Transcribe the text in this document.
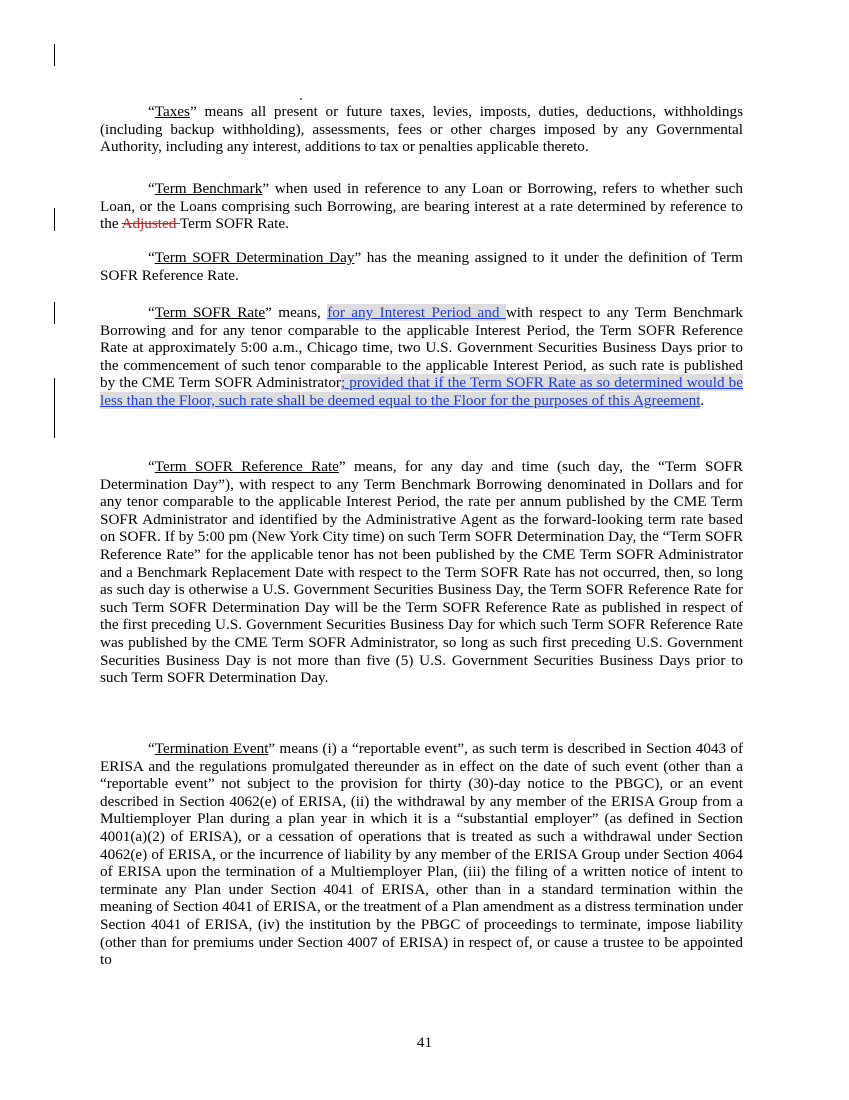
“Taxes” means all present or future taxes, levies, imposts, duties, deductions, withholdings (including backup withholding), assessments, fees or other charges imposed by any Governmental Authority, including any interest, additions to tax or penalties applicable thereto.
“Term Benchmark” when used in reference to any Loan or Borrowing, refers to whether such Loan, or the Loans comprising such Borrowing, are bearing interest at a rate determined by reference to the Adjusted Term SOFR Rate.
“Term SOFR Determination Day” has the meaning assigned to it under the definition of Term SOFR Reference Rate.
“Term SOFR Rate” means, for any Interest Period and with respect to any Term Benchmark Borrowing and for any tenor comparable to the applicable Interest Period, the Term SOFR Reference Rate at approximately 5:00 a.m., Chicago time, two U.S. Government Securities Business Days prior to the commencement of such tenor comparable to the applicable Interest Period, as such rate is published by the CME Term SOFR Administrator; provided that if the Term SOFR Rate as so determined would be less than the Floor, such rate shall be deemed equal to the Floor for the purposes of this Agreement.
“Term SOFR Reference Rate” means, for any day and time (such day, the “Term SOFR Determination Day”), with respect to any Term Benchmark Borrowing denominated in Dollars and for any tenor comparable to the applicable Interest Period, the rate per annum published by the CME Term SOFR Administrator and identified by the Administrative Agent as the forward-looking term rate based on SOFR. If by 5:00 pm (New York City time) on such Term SOFR Determination Day, the “Term SOFR Reference Rate” for the applicable tenor has not been published by the CME Term SOFR Administrator and a Benchmark Replacement Date with respect to the Term SOFR Rate has not occurred, then, so long as such day is otherwise a U.S. Government Securities Business Day, the Term SOFR Reference Rate for such Term SOFR Determination Day will be the Term SOFR Reference Rate as published in respect of the first preceding U.S. Government Securities Business Day for which such Term SOFR Reference Rate was published by the CME Term SOFR Administrator, so long as such first preceding U.S. Government Securities Business Day is not more than five (5) U.S. Government Securities Business Days prior to such Term SOFR Determination Day.
“Termination Event” means (i) a “reportable event”, as such term is described in Section 4043 of ERISA and the regulations promulgated thereunder as in effect on the date of such event (other than a “reportable event” not subject to the provision for thirty (30)-day notice to the PBGC), or an event described in Section 4062(e) of ERISA, (ii) the withdrawal by any member of the ERISA Group from a Multiemployer Plan during a plan year in which it is a “substantial employer” (as defined in Section 4001(a)(2) of ERISA), or a cessation of operations that is treated as such a withdrawal under Section 4062(e) of ERISA, or the incurrence of liability by any member of the ERISA Group under Section 4064 of ERISA upon the termination of a Multiemployer Plan, (iii) the filing of a written notice of intent to terminate any Plan under Section 4041 of ERISA, other than in a standard termination within the meaning of Section 4041 of ERISA, or the treatment of a Plan amendment as a distress termination under Section 4041 of ERISA, (iv) the institution by the PBGC of proceedings to terminate, impose liability (other than for premiums under Section 4007 of ERISA) in respect of, or cause a trustee to be appointed to
41
